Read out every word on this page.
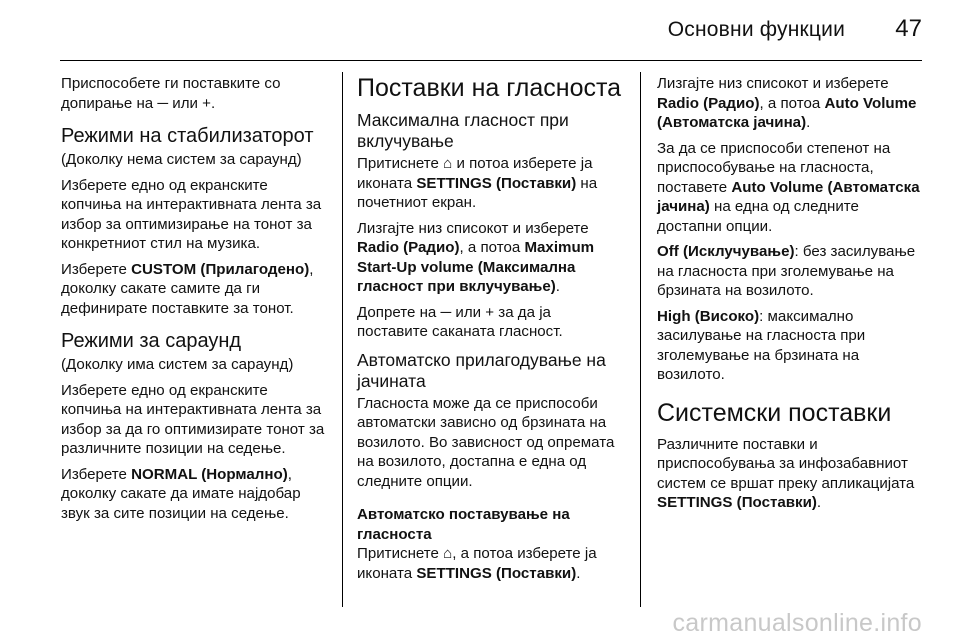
Основни функции 47

Приспособете ги поставките со допирање на ─ или +.

Режими на стабилизаторот

(Доколку нема систем за сараунд)

Изберете едно од екранските копчиња на интерактивната лента за избор за оптимизирање на тонот за конкретниот стил на музика.

Изберете CUSTOM (Прилагодено), доколку сакате самите да ги дефинирате поставките за тонот.

Режими за сараунд

(Доколку има систем за сараунд)

Изберете едно од екранските копчиња на интерактивната лента за избор за да го оптимизирате тонот за различните позиции на седење.

Изберете NORMAL (Нормално), доколку сакате да имате најдобар звук за сите позиции на седење.

Поставки на гласноста
Максимална гласност при вклучување

Притиснете ⌂ и потоа изберете ја иконата SETTINGS (Поставки) на почетниот екран.

Лизгајте низ списокот и изберете Radio (Радио), а потоа Maximum Start-Up volume (Максимална гласност при вклучување).

Допрете на ─ или + за да ја поставите саканата гласност.

Автоматско прилагодување на јачината

Гласноста може да се приспособи автоматски зависно од брзината на возилото. Во зависност од опремата на возилото, достапна е една од следните опции.

Автоматско поставување на гласноста

Притиснете ⌂, а потоа изберете ја иконата SETTINGS (Поставки).

Лизгајте низ списокот и изберете Radio (Радио), а потоа Auto Volume (Автоматска јачина).

За да се приспособи степенот на приспособување на гласноста, поставете Auto Volume (Автоматска јачина) на една од следните достапни опции.

Off (Исклучување): без засилување на гласноста при зголемување на брзината на возилото.

High (Високо): максимално засилување на гласноста при зголемување на брзината на возилото.

Системски поставки

Различните поставки и приспособувања за инфозабавниот систем се вршат преку апликацијата SETTINGS (Поставки).

carmanualsonline.info
